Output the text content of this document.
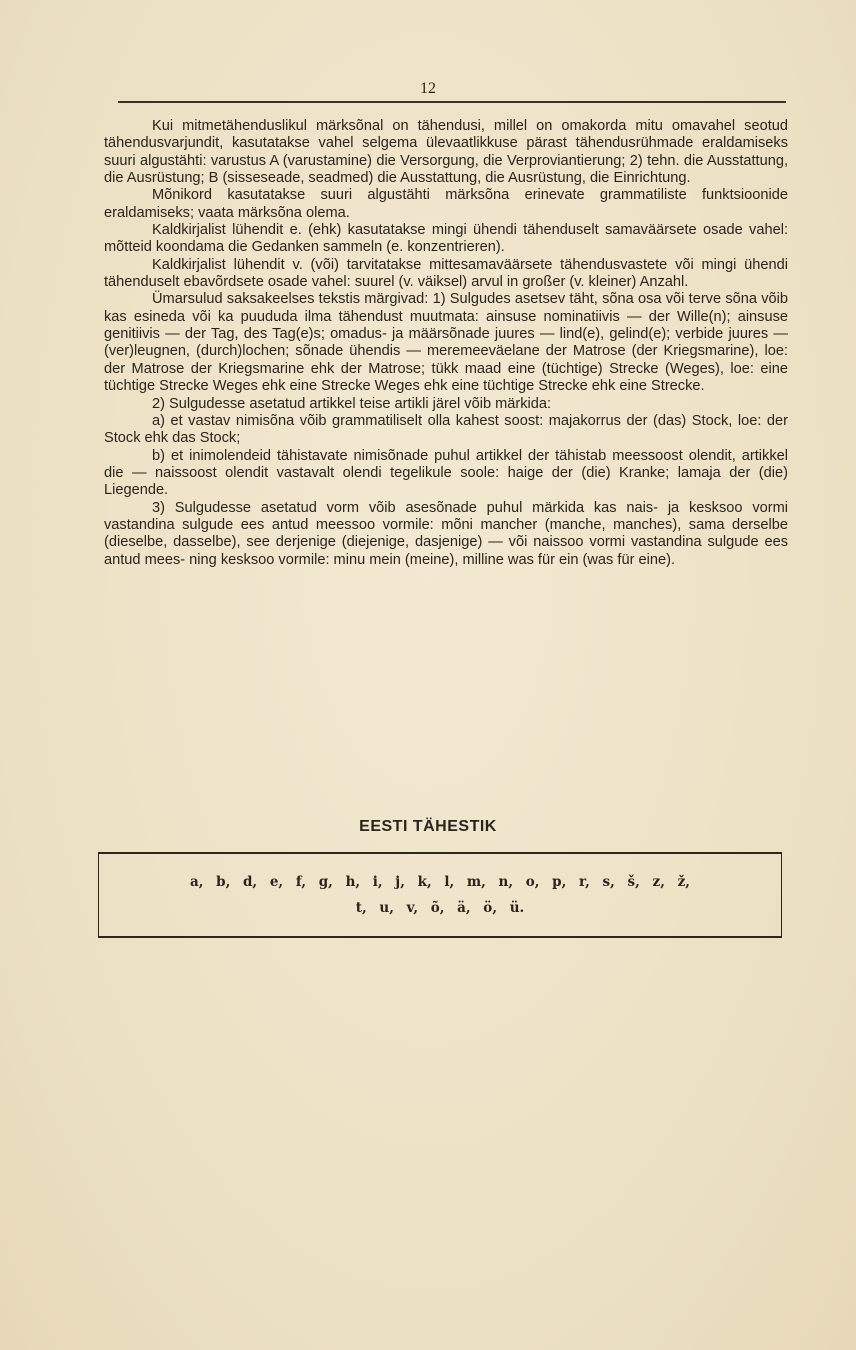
12

Kui mitmetähenduslikul märksõnal on tähendusi, millel on omakorda mitu omavahel seotud tähendusvarjundit, kasutatakse vahel selgema ülevaatlikkuse pärast tähendusrühmade eraldamiseks suuri algustähti: varustus A (varustamine) die Versorgung, die Verproviantierung; 2) tehn. die Ausstattung, die Ausrüstung; B (sisseseade, seadmed) die Ausstattung, die Ausrüstung, die Einrichtung.

Mõnikord kasutatakse suuri algustähti märksõna erinevate grammatiliste funktsioonide eraldamiseks; vaata märksõna olema.

Kaldkirjalist lühendit e. (ehk) kasutatakse mingi ühendi tähenduselt samaväärsete osade vahel: mõtteid koondama die Gedanken sammeln (e. konzentrieren).

Kaldkirjalist lühendit v. (või) tarvitatakse mittesamaväärsete tähendusvastete või mingi ühendi tähenduselt ebavõrdsete osade vahel: suurel (v. väiksel) arvul in großer (v. kleiner) Anzahl.

Ümarsulud saksakeelses tekstis märgivad: 1) Sulgudes asetsev täht, sõna osa või terve sõna võib kas esineda või ka puududa ilma tähendust muutmata: ainsuse nominatiivis — der Wille(n); ainsuse genitiivis — der Tag, des Tag(e)s; omadus- ja määrsõnade juures — lind(e), gelind(e); verbide juures — (ver)leugnen, (durch)lochen; sõnade ühendis — meremeeväelane der Matrose (der Kriegsmarine), loe: der Matrose der Kriegsmarine ehk der Matrose; tükk maad eine (tüchtige) Strecke (Weges), loe: eine tüchtige Strecke Weges ehk eine Strecke Weges ehk eine tüchtige Strecke ehk eine Strecke.

2) Sulgudesse asetatud artikkel teise artikli järel võib märkida:

a) et vastav nimisõna võib grammatiliselt olla kahest soost: majakorrus der (das) Stock, loe: der Stock ehk das Stock;

b) et inimolendeid tähistavate nimisõnade puhul artikkel der tähistab meessoost olendit, artikkel die — naissoost olendit vastavalt olendi tegelikule soole: haige der (die) Kranke; lamaja der (die) Liegende.

3) Sulgudesse asetatud vorm võib asesõnade puhul märkida kas nais- ja kesksoo vormi vastandina sulgude ees antud meessoo vormile: mõni mancher (manche, manches), sama derselbe (dieselbe, dasselbe), see derjenige (diejenige, dasjenige) — või naissoo vormi vastandina sulgude ees antud mees- ning kesksoo vormile: minu mein (meine), milline was für ein (was für eine).

EESTI TÄHESTIK
a, b, d, e, f, g, h, i, j, k, l, m, n, o, p, r, s, š, z, ž,
t, u, v, õ, ä, ö, ü.
